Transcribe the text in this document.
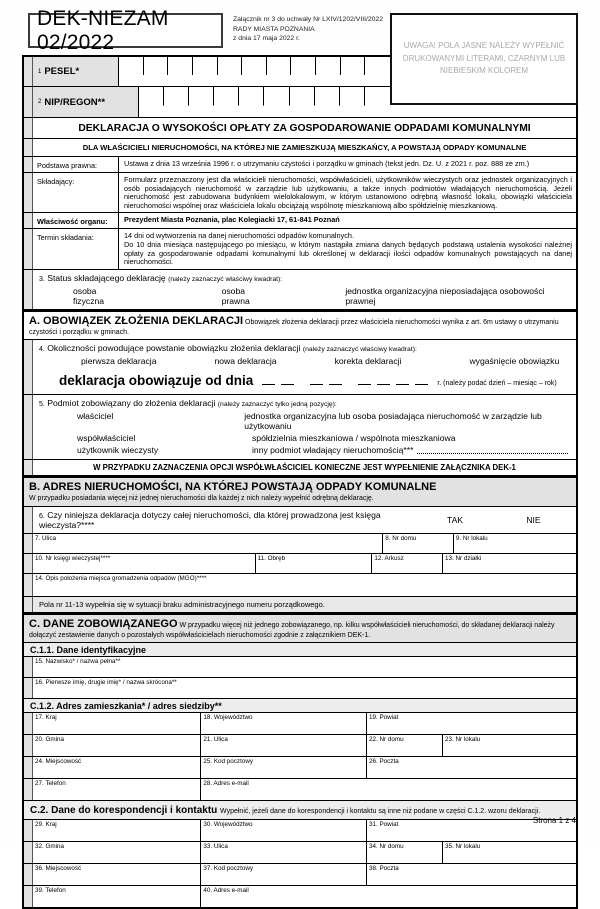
DEK-NIEZAM 02/2022
Załącznik nr 3 do uchwały Nr LXIV/1202/VIII/2022
RADY MIASTA POZNANIA
z dnia 17 maja 2022 r.
UWAGA! POLA JASNE NALEŻY WYPEŁNIĆ DRUKOWANYMI LITERAMI, CZARNYM LUB NIEBIESKIM KOLOREM
1 PESEL*
2 NIP/REGON**
DEKLARACJA O WYSOKOŚCI OPŁATY ZA GOSPODAROWANIE ODPADAMI KOMUNALNYMI
DLA WŁAŚCICIELI NIERUCHOMOŚCI, NA KTÓREJ NIE ZAMIESZKUJĄ MIESZKAŃCY, A POWSTAJĄ ODPADY KOMUNALNE
Podstawa prawna:	Ustawa z dnia 13 września 1996 r. o utrzymaniu czystości i porządku w gminach (tekst jedn. Dz. U. z 2021 r. poz. 888 ze zm.)
Składający:	Formularz przeznaczony jest dla właścicieli nieruchomości, współwłaścicieli, użytkowników wieczystych oraz jednostek organizacyjnych i osób posiadających nieruchomość w zarządzie lub użytkowaniu, a także innych podmiotów władających nieruchomością. Jeżeli nieruchomość jest zabudowana budynkiem wielolokalowym, w którym ustanowiono odrębną własność lokalu, obowiązki właściciela nieruchomości wspólnej oraz właściciela lokalu obciążają wspólnotę mieszkaniową albo spółdzielnię mieszkaniową.
Właściwość organu:	Prezydent Miasta Poznania, plac Kolegiacki 17, 61-841 Poznań
Termin składania:	14 dni od wytworzenia na danej nieruchomości odpadów komunalnych.
Do 10 dnia miesiąca następującego po miesiącu, w którym nastąpiła zmiana danych będących podstawą ustalenia wysokości należnej opłaty za gospodarowanie odpadami komunalnymi lub określonej w deklaracji ilości odpadów komunalnych powstających na danej nieruchomości.
3. Status składającego deklarację (należy zaznaczyć właściwy kwadrat):
osoba fizyczna
osoba prawna
jednostka organizacyjna nieposiadająca osobowości prawnej
A. OBOWIĄZEK ZŁOŻENIA DEKLARACJI Obowiązek złożenia deklaracji przez właściciela nieruchomości wynika z art. 6m ustawy o utrzymaniu czystości i porządku w gminach.
4. Okoliczności powodujące powstanie obowiązku złożenia deklaracji (należy zaznaczyć właściwy kwadrat):
pierwsza deklaracja	nowa deklaracja	korekta deklaracji	wygaśnięcie obowiązku
deklaracja obowiązuje od dnia	r. (należy podać dzień – miesiąc – rok)
5. Podmiot zobowiązany do złożenia deklaracji (należy zaznaczyć tylko jedną pozycję):
właściciel	jednostka organizacyjna lub osoba posiadająca nieruchomość w zarządzie lub użytkowaniu
współwłaściciel	spółdzielnia mieszkaniowa / wspólnota mieszkaniowa
użytkownik wieczysty	inny podmiot władający nieruchomością***
W PRZYPADKU ZAZNACZENIA OPCJI WSPÓŁWŁAŚCICIEL KONIECZNE JEST WYPEŁNIENIE ZAŁĄCZNIKA DEK-1
B. ADRES NIERUCHOMOŚCI, NA KTÓREJ POWSTAJĄ ODPADY KOMUNALNE
W przypadku posiadania więcej niż jednej nieruchomości dla każdej z nich należy wypełnić odrębną deklarację.
6. Czy niniejsza deklaracja dotyczy całej nieruchomości, dla której prowadzona jest księga wieczysta?****	TAK	NIE
7. Ulica	8. Nr domu	9. Nr lokalu
10. Nr księgi wieczystej****	11. Obręb	12. Arkusz	13. Nr działki
14. Opis położenia miejsca gromadzenia odpadów (MGO)****
Pola nr 11-13 wypełnia się w sytuacji braku administracyjnego numeru porządkowego.
C. DANE ZOBOWIĄZANEGO W przypadku więcej niż jednego zobowiązanego, np. kilku współwłaścicieli nieruchomości, do składanej deklaracji należy dołączyć zestawienie danych o pozostałych współwłaścicielach nieruchomości zgodnie z załącznikiem DEK-1.
C.1.1. Dane identyfikacyjne
15. Nazwisko* / nazwa pełna**
16. Pierwsze imię, drugie imię* / nazwa skrócona**
C.1.2. Adres zamieszkania* / adres siedziby**
17. Kraj	18. Województwo	19. Powiat
20. Gmina	21. Ulica	22. Nr domu	23. Nr lokalu
24. Miejscowość	25. Kod pocztowy	26. Poczta
27. Telefon	28. Adres e-mail
C.2. Dane do korespondencji i kontaktu Wypełnić, jeżeli dane do korespondencji i kontaktu są inne niż podane w części C.1.2. wzoru deklaracji.
29. Kraj	30. Województwo	31. Powiat
32. Gmina	33. Ulica	34. Nr domu	35. Nr lokalu
36. Miejscowość	37. Kod pocztowy	38. Poczta
39. Telefon	40. Adres e-mail
Strona 1 z 4
